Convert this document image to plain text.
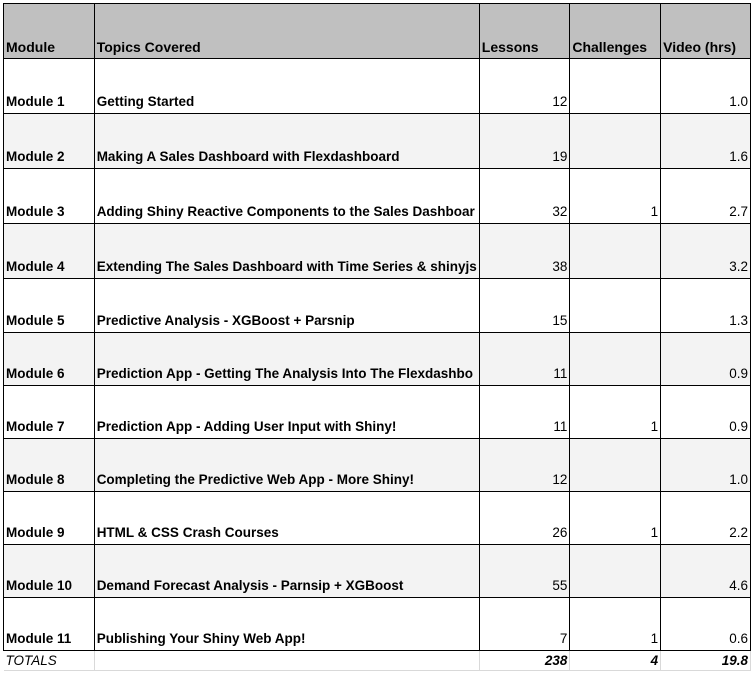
Module	Topics Covered	Lessons	Challenges	Video (hrs)
Module 1	Getting Started	12		1.0
Module 2	Making A Sales Dashboard with Flexdashboard	19		1.6
Module 3	Adding Shiny Reactive Components to the Sales Dashboar	32	1	2.7
Module 4	Extending The Sales Dashboard with Time Series & shinyjs	38		3.2
Module 5	Predictive Analysis - XGBoost + Parsnip	15		1.3
Module 6	Prediction App - Getting The Analysis Into The Flexdashbo	11		0.9
Module 7	Prediction App - Adding User Input with Shiny!	11	1	0.9
Module 8	Completing the Predictive Web App - More Shiny!	12		1.0
Module 9	HTML & CSS Crash Courses	26	1	2.2
Module 10	Demand Forecast Analysis - Parnsip + XGBoost	55		4.6
Module 11	Publishing Your Shiny Web App!	7	1	0.6
TOTALS		238	4	19.8
